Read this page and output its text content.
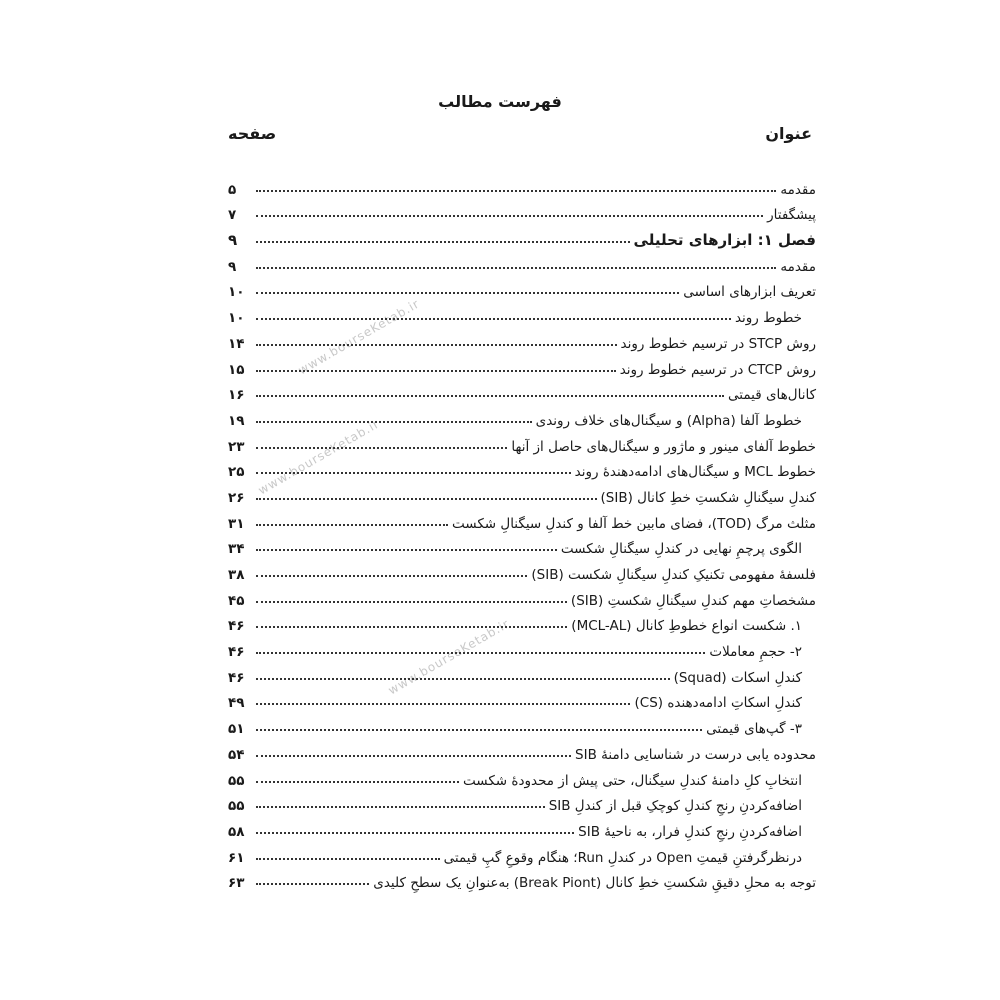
فهرست مطالب
عنوان
صفحه
www.bourseKetab.ir
www.bourseKetab.ir
www.bourseKetab.ir
مقدمه
۵
پیشگفتار
۷
فصل ۱: ابزارهای تحلیلی
۹
مقدمه
۹
تعریف ابزارهای اساسی
۱۰
خطوط روند
۱۰
روش STCP در ترسیم خطوط روند
۱۴
روش CTCP در ترسیم خطوط روند
۱۵
کانال‌های قیمتی
۱۶
خطوط آلفا (Alpha) و سیگنال‌های خلاف روندی
۱۹
خطوط آلفای مینور و ماژور و سیگنال‌های حاصل از آنها
۲۳
خطوط MCL و سیگنال‌های ادامه‌دهندهٔ روند
۲۵
کندلِ سیگنالِ شکستِ خطِ کانال (SIB)
۲۶
مثلث مرگ (TOD)، فضای مابین خط آلفا و کندلِ سیگنالِ شکست
۳۱
الگوی پرچمِ نهایی در کندلِ سیگنالِ شکست
۳۴
فلسفهٔ مفهومی تکنیکِ کندلِ سیگنالِ شکست (SIB)
۳۸
مشخصاتِ مهم کندلِ سیگنالِ شکستِ (SIB)
۴۵
۱. شکست انواع خطوطِ کانال (MCL-AL)
۴۶
۲- حجمِ معاملات
۴۶
کندلِ اسکات (Squad)
۴۶
کندلِ اسکاتِ ادامه‌دهنده (CS)
۴۹
۳- گپ‌های قیمتی
۵۱
محدوده یابی درست در شناسایی دامنهٔ SIB
۵۴
انتخابِ کلِ دامنهٔ کندلِ سیگنال، حتی پیش از محدودهٔ شکست
۵۵
اضافه‌کردنِ رنجِ کندلِ کوچکِ قبل از کندلِ SIB
۵۵
اضافه‌کردنِ رنجِ کندلِ فرار، به ناحیهٔ SIB
۵۸
درنظرگرفتنِ قیمتِ Open در کندلِ Run؛ هنگام وقوعِ گپِ قیمتی
۶۱
توجه به محلِ دقیقِ شکستِ خطِ کانال (Break Piont) به‌عنوانِ یک سطحِ کلیدی
۶۳
